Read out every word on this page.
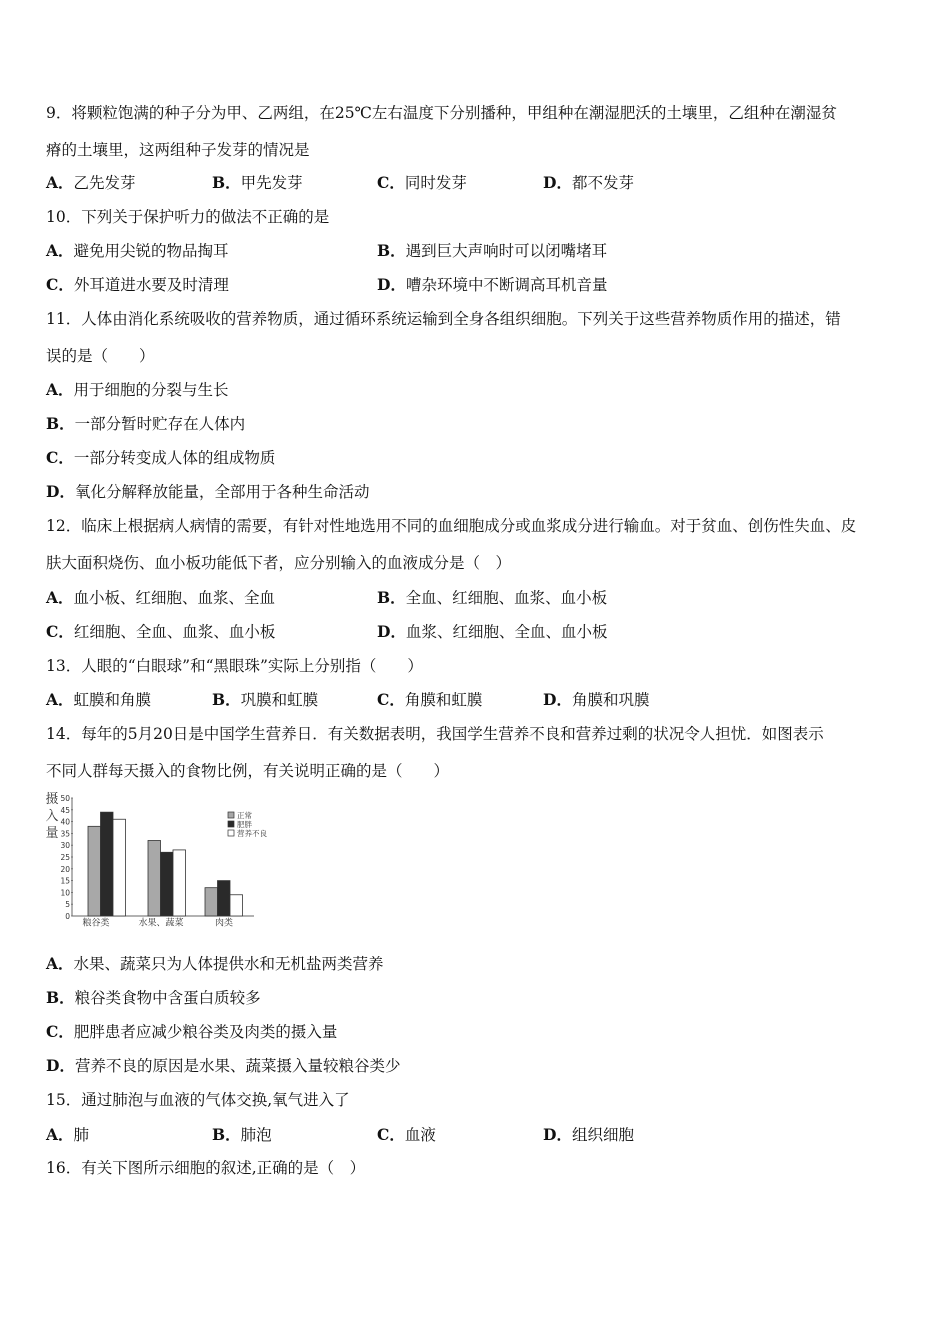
9．将颗粒饱满的种子分为甲、乙两组，在25℃左右温度下分别播种，甲组种在潮湿肥沃的土壤里，乙组种在潮湿贫
瘠的土壤里，这两组种子发芽的情况是
A．乙先发芽	B．甲先发芽	C．同时发芽	D．都不发芽
10．下列关于保护听力的做法不正确的是
A．避免用尖锐的物品掏耳	B．遇到巨大声响时可以闭嘴堵耳
C．外耳道进水要及时清理	D．嘈杂环境中不断调高耳机音量
11．人体由消化系统吸收的营养物质，通过循环系统运输到全身各组织细胞。下列关于这些营养物质作用的描述，错
误的是（　　）
A．用于细胞的分裂与生长
B．一部分暂时贮存在人体内
C．一部分转变成人体的组成物质
D．氧化分解释放能量，全部用于各种生命活动
12．临床上根据病人病情的需要，有针对性地选用不同的血细胞成分或血浆成分进行输血。对于贫血、创伤性失血、皮
肤大面积烧伤、血小板功能低下者，应分别输入的血液成分是（　）
A．血小板、红细胞、血浆、全血	B．全血、红细胞、血浆、血小板
C．红细胞、全血、血浆、血小板	D．血浆、红细胞、全血、血小板
13．人眼的“白眼球”和“黑眼珠”实际上分别指（　　）
A．虹膜和角膜	B．巩膜和虹膜	C．角膜和虹膜	D．角膜和巩膜
14．每年的5月20日是中国学生营养日．有关数据表明，我国学生营养不良和营养过剩的状况令人担忧．如图表示
不同人群每天摄入的食物比例，有关说明正确的是（　　）
摄
入
量
0
5
10
15
20
25
30
35
40
45
50
粮谷类	水果、蔬菜	肉类
正常
肥胖
营养不良
A．水果、蔬菜只为人体提供水和无机盐两类营养
B．粮谷类食物中含蛋白质较多
C．肥胖患者应减少粮谷类及肉类的摄入量
D．营养不良的原因是水果、蔬菜摄入量较粮谷类少
15．通过肺泡与血液的气体交换,氧气进入了
A．肺	B．肺泡	C．血液	D．组织细胞
16．有关下图所示细胞的叙述,正确的是（　）
